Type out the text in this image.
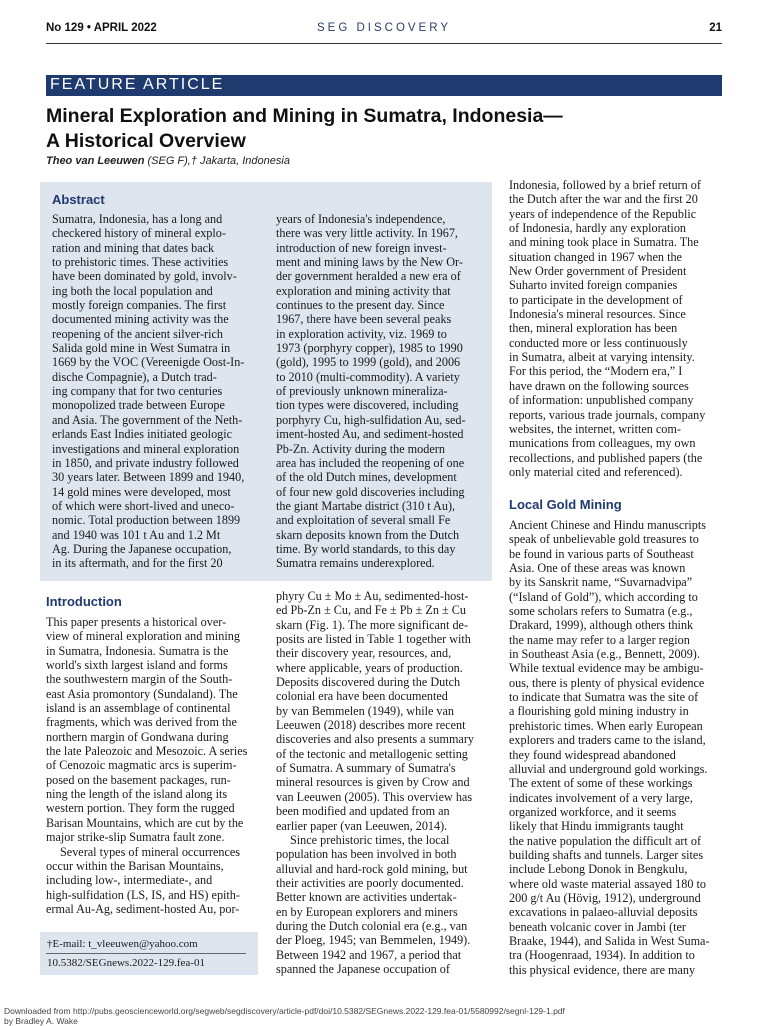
No 129 • APRIL 2022	SEG DISCOVERY	21
FEATURE ARTICLE
Mineral Exploration and Mining in Sumatra, Indonesia—
A Historical Overview
Theo van Leeuwen (SEG F),† Jakarta, Indonesia
Abstract

Sumatra, Indonesia, has a long and

checkered history of mineral explo-

ration and mining that dates back

to prehistoric times. These activities

have been dominated by gold, involv-

ing both the local population and

mostly foreign companies. The first

documented mining activity was the

reopening of the ancient silver-rich

Salida gold mine in West Sumatra in

1669 by the VOC (Vereenigde Oost-In-

dische Compagnie), a Dutch trad-

ing company that for two centuries

monopolized trade between Europe

and Asia. The government of the Neth-

erlands East Indies initiated geologic

investigations and mineral exploration

in 1850, and private industry followed

30 years later. Between 1899 and 1940,

14 gold mines were developed, most

of which were short-lived and uneco-

nomic. Total production between 1899

and 1940 was 101 t Au and 1.2 Mt

Ag. During the Japanese occupation,

in its aftermath, and for the first 20

years of Indonesia's independence,

there was very little activity. In 1967,

introduction of new foreign invest-

ment and mining laws by the New Or-

der government heralded a new era of

exploration and mining activity that

continues to the present day. Since

1967, there have been several peaks

in exploration activity, viz. 1969 to

1973 (porphyry copper), 1985 to 1990

(gold), 1995 to 1999 (gold), and 2006

to 2010 (multi-commodity). A variety

of previously unknown mineraliza-

tion types were discovered, including

porphyry Cu, high-sulfidation Au, sed-

iment-hosted Au, and sediment-hosted

Pb-Zn. Activity during the modern

area has included the reopening of one

of the old Dutch mines, development

of four new gold discoveries including

the giant Martabe district (310 t Au),

and exploitation of several small Fe

skarn deposits known from the Dutch

time. By world standards, to this day

Sumatra remains underexplored.

Introduction

This paper presents a historical over-

view of mineral exploration and mining

in Sumatra, Indonesia. Sumatra is the

world's sixth largest island and forms

the southwestern margin of the South-

east Asia promontory (Sundaland). The

island is an assemblage of continental

fragments, which was derived from the

northern margin of Gondwana during

the late Paleozoic and Mesozoic. A series

of Cenozoic magmatic arcs is superim-

posed on the basement packages, run-

ning the length of the island along its

western portion. They form the rugged

Barisan Mountains, which are cut by the

major strike-slip Sumatra fault zone.

Several types of mineral occurrences

occur within the Barisan Mountains,

including low-, intermediate-, and

high-sulfidation (LS, IS, and HS) epith-

ermal Au-Ag, sediment-hosted Au, por-

phyry Cu ± Mo ± Au, sedimented-host-

ed Pb-Zn ± Cu, and Fe ± Pb ± Zn ± Cu

skarn (Fig. 1). The more significant de-

posits are listed in Table 1 together with

their discovery year, resources, and,

where applicable, years of production.

Deposits discovered during the Dutch

colonial era have been documented

by van Bemmelen (1949), while van

Leeuwen (2018) describes more recent

discoveries and also presents a summary

of the tectonic and metallogenic setting

of Sumatra. A summary of Sumatra's

mineral resources is given by Crow and

van Leeuwen (2005). This overview has

been modified and updated from an

earlier paper (van Leeuwen, 2014).

Since prehistoric times, the local

population has been involved in both

alluvial and hard-rock gold mining, but

their activities are poorly documented.

Better known are activities undertak-

en by European explorers and miners

during the Dutch colonial era (e.g., van

der Ploeg, 1945; van Bemmelen, 1949).

Between 1942 and 1967, a period that

spanned the Japanese occupation of

Indonesia, followed by a brief return of

the Dutch after the war and the first 20

years of independence of the Republic

of Indonesia, hardly any exploration

and mining took place in Sumatra. The

situation changed in 1967 when the

New Order government of President

Suharto invited foreign companies

to participate in the development of

Indonesia's mineral resources. Since

then, mineral exploration has been

conducted more or less continuously

in Sumatra, albeit at varying intensity.

For this period, the “Modern era,” I

have drawn on the following sources

of information: unpublished company

reports, various trade journals, company

websites, the internet, written com-

munications from colleagues, my own

recollections, and published papers (the

only material cited and referenced).

Local Gold Mining

Ancient Chinese and Hindu manuscripts

speak of unbelievable gold treasures to

be found in various parts of Southeast

Asia. One of these areas was known

by its Sanskrit name, “Suvarnadvipa”

(“Island of Gold”), which according to

some scholars refers to Sumatra (e.g.,

Drakard, 1999), although others think

the name may refer to a larger region

in Southeast Asia (e.g., Bennett, 2009).

While textual evidence may be ambigu-

ous, there is plenty of physical evidence

to indicate that Sumatra was the site of

a flourishing gold mining industry in

prehistoric times. When early European

explorers and traders came to the island,

they found widespread abandoned

alluvial and underground gold workings.

The extent of some of these workings

indicates involvement of a very large,

organized workforce, and it seems

likely that Hindu immigrants taught

the native population the difficult art of

building shafts and tunnels. Larger sites

include Lebong Donok in Bengkulu,

where old waste material assayed 180 to

200 g/t Au (Hövig, 1912), underground

excavations in palaeo-alluvial deposits

beneath volcanic cover in Jambi (ter

Braake, 1944), and Salida in West Suma-

tra (Hoogenraad, 1934). In addition to

this physical evidence, there are many

†E-mail: t_vleeuwen@yahoo.com
10.5382/SEGnews.2022-129.fea-01
Downloaded from http://pubs.geoscienceworld.org/segweb/segdiscovery/article-pdf/doi/10.5382/SEGnews.2022-129.fea-01/5580992/segnl-129-1.pdf
by Bradley A. Wake
